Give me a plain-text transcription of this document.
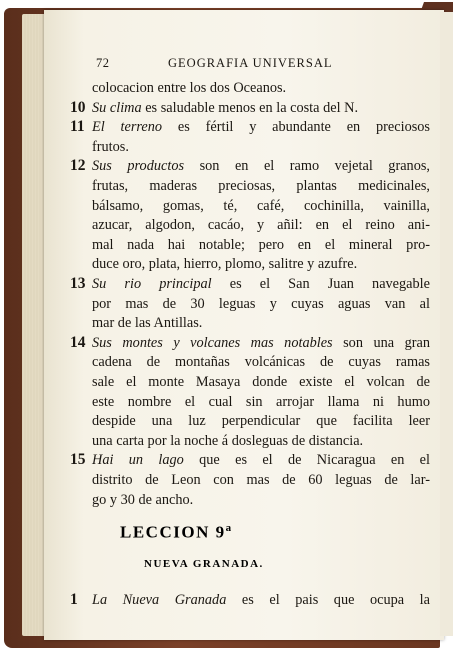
72	GEOGRAFIA UNIVERSAL
colocacion entre los dos Oceanos.
10 Su clima es saludable menos en la costa del N.
11 El terreno es fértil y abundante en preciosos
frutos.
12 Sus productos son en el ramo vejetal granos,
frutas, maderas preciosas, plantas medicinales,
bálsamo, gomas, té, café, cochinilla, vainilla,
azucar, algodon, cacáo, y añil: en el reino ani-
mal nada hai notable; pero en el mineral pro-
duce oro, plata, hierro, plomo, salitre y azufre.
13 Su rio principal es el San Juan navegable
por mas de 30 leguas y cuyas aguas van al
mar de las Antillas.
14 Sus montes y volcanes mas notables son una gran
cadena de montañas volcánicas de cuyas ramas
sale el monte Masaya donde existe el volcan de
este nombre el cual sin arrojar llama ni humo
despide una luz perpendicular que facilita leer
una carta por la noche á dosleguas de distancia.
15 Hai un lago que es el de Nicaragua en el
distrito de Leon con mas de 60 leguas de lar-
go y 30 de ancho.
LECCION 9$^a$
NUEVA GRANADA.
1 La Nueva Granada es el pais que ocupa la
